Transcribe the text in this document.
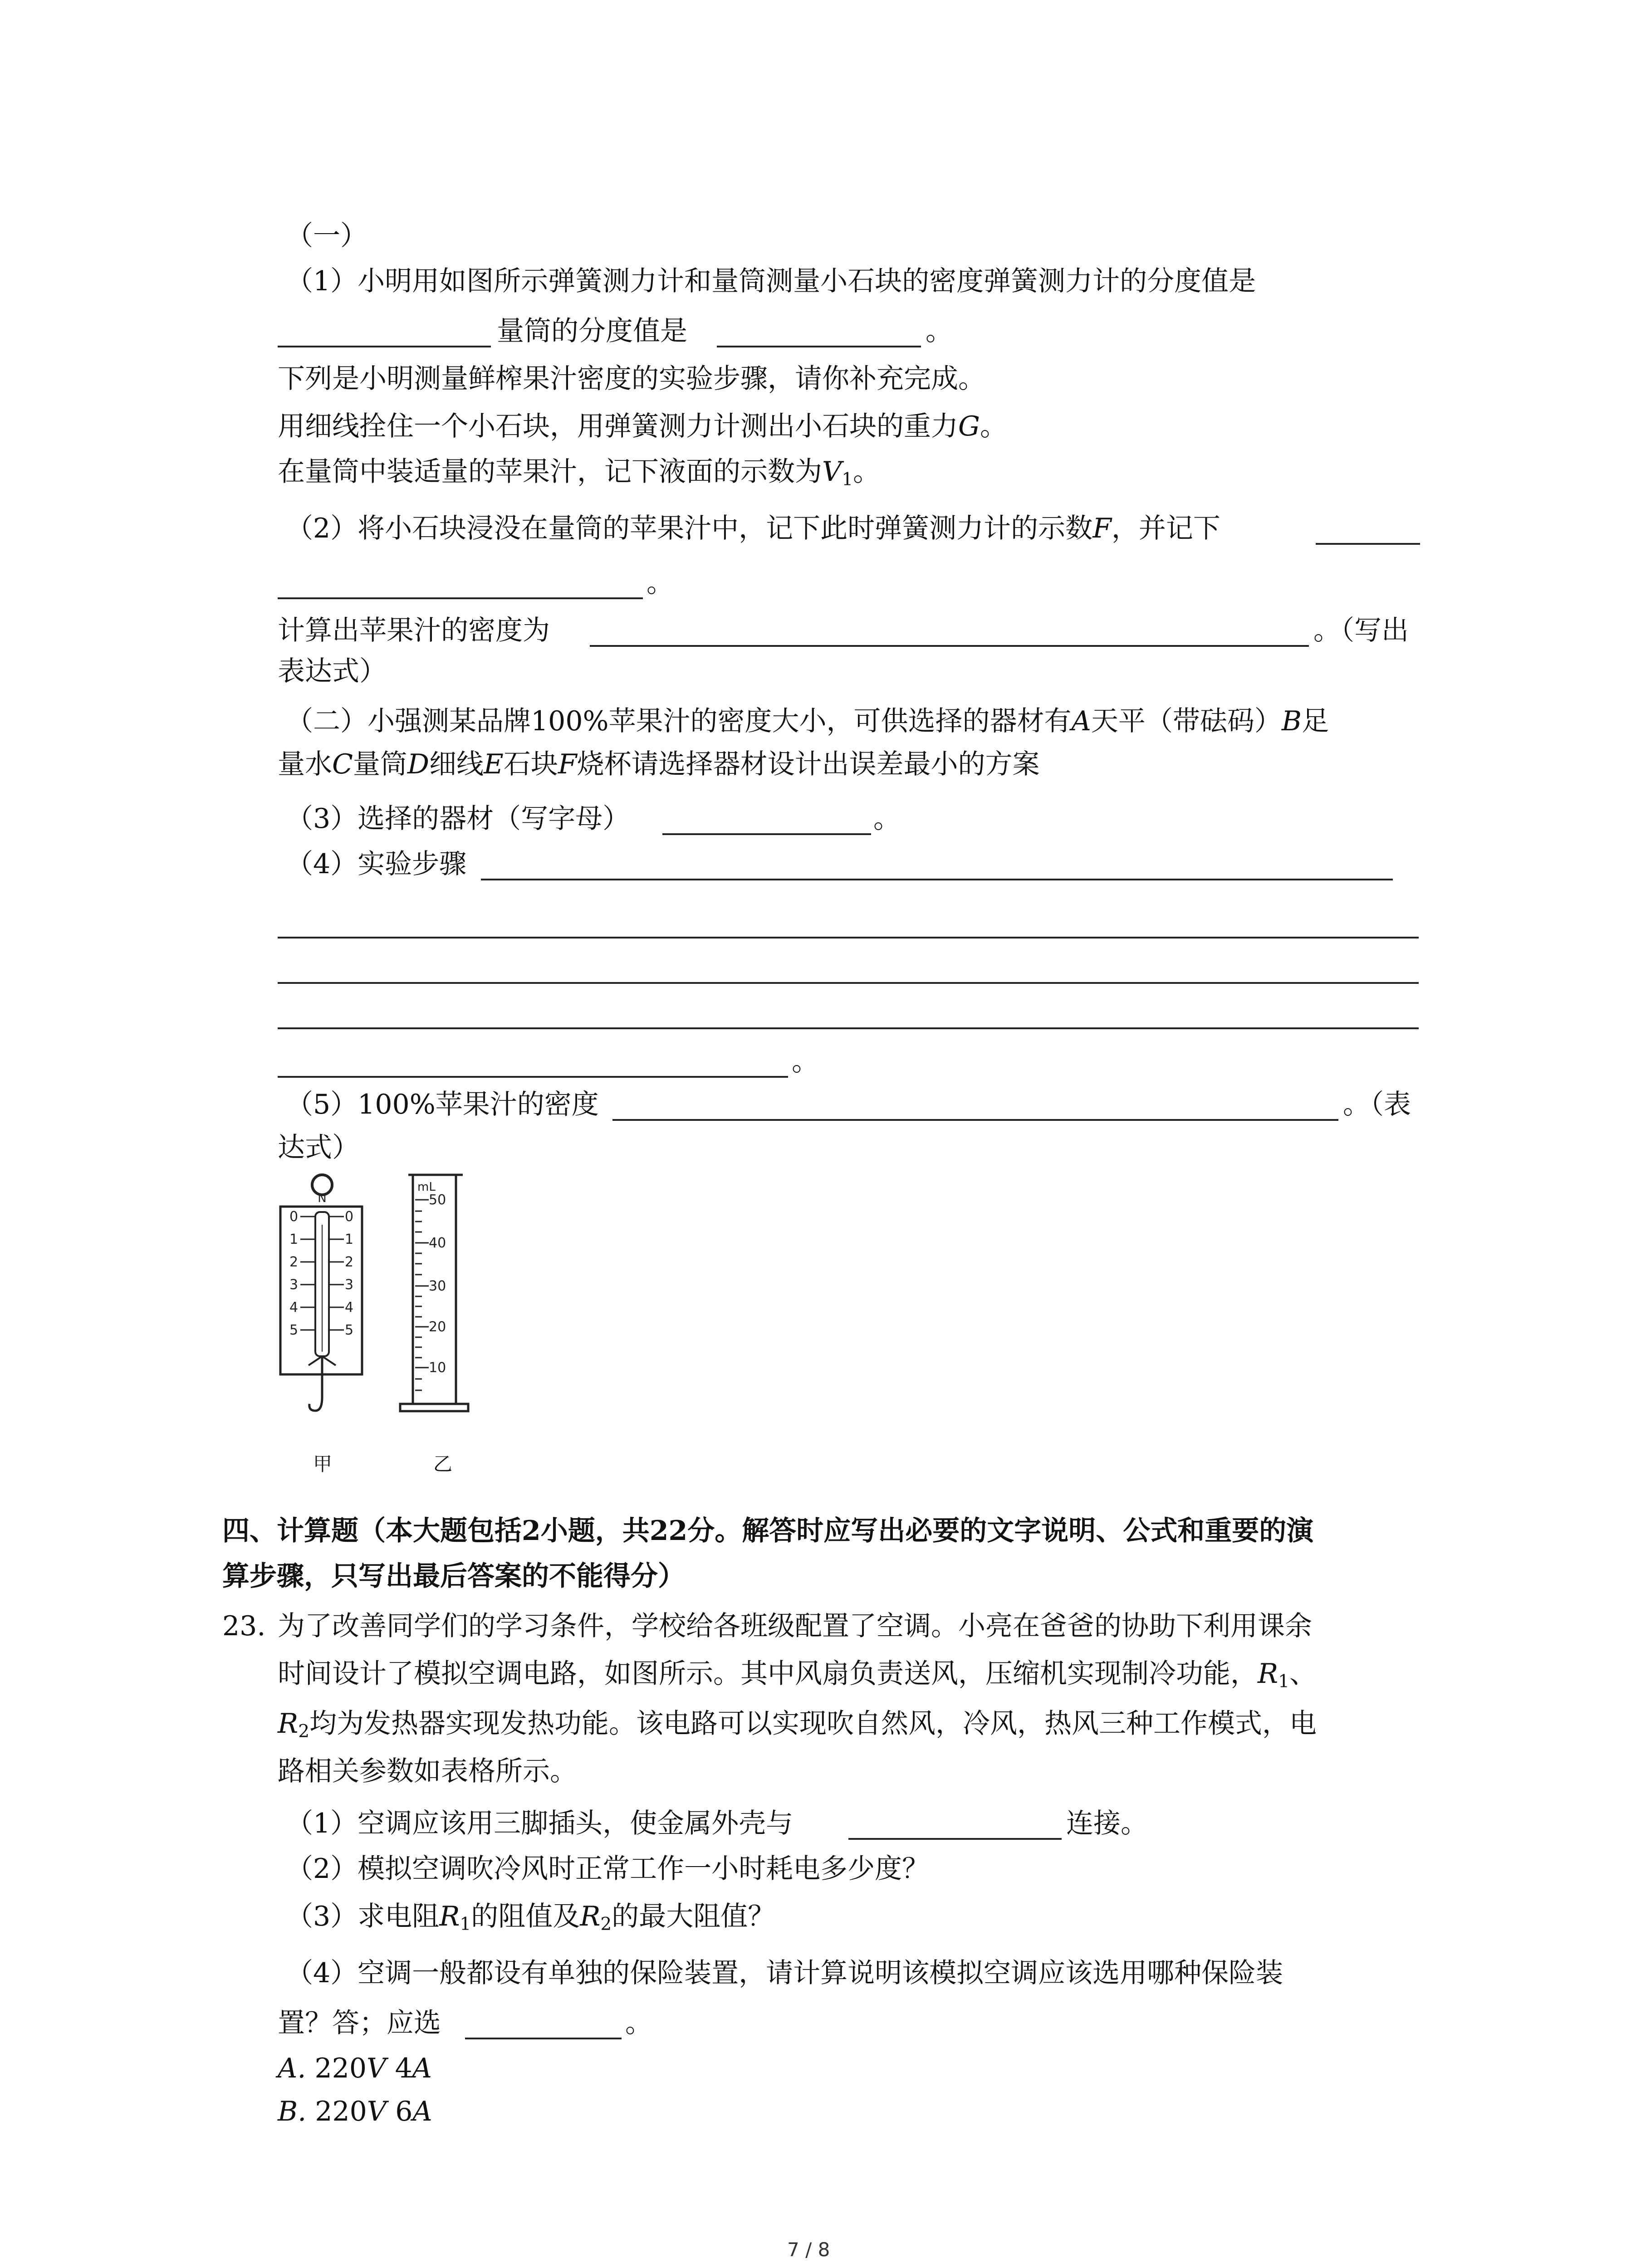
（一）
（1）小明用如图所示弹簧测力计和量筒测量小石块的密度弹簧测力计的分度值是
量筒的分度值是	。
下列是小明测量鲜榨果汁密度的实验步骤，请你补充完成。
用细线拴住一个小石块，用弹簧测力计测出小石块的重力G。
在量筒中装适量的苹果汁，记下液面的示数为$V_1$。
（2）将小石块浸没在量筒的苹果汁中，记下此时弹簧测力计的示数F，并记下
。
计算出苹果汁的密度为	。（写出
表达式）
（二）小强测某品牌100%苹果汁的密度大小，可供选择的器材有A天平（带砝码）B足
量水C量筒D细线E石块F烧杯请选择器材设计出误差最小的方案
（3）选择的器材（写字母）	。
（4）实验步骤
。
（5）100%苹果汁的密度	。（表
达式）
N
0
1
2
3
4
5
0
1
2
3
4
5
mL
50
40
30
20
10
甲	乙
四、计算题（本大题包括2小题，共22分。解答时应写出必要的文字说明、公式和重要的演
算步骤，只写出最后答案的不能得分）
23. 为了改善同学们的学习条件，学校给各班级配置了空调。小亮在爸爸的协助下利用课余
时间设计了模拟空调电路，如图所示。其中风扇负责送风，压缩机实现制冷功能，$R_1$、
$R_2$均为发热器实现发热功能。该电路可以实现吹自然风，冷风，热风三种工作模式，电
路相关参数如表格所示。
（1）空调应该用三脚插头，使金属外壳与	连接。
（2）模拟空调吹冷风时正常工作一小时耗电多少度？
（3）求电阻$R_1$的阻值及$R_2$的最大阻值？
（4）空调一般都设有单独的保险装置，请计算说明该模拟空调应该选用哪种保险装
置？答；应选	。
A. 220V 4A
B. 220V 6A
7 / 8
